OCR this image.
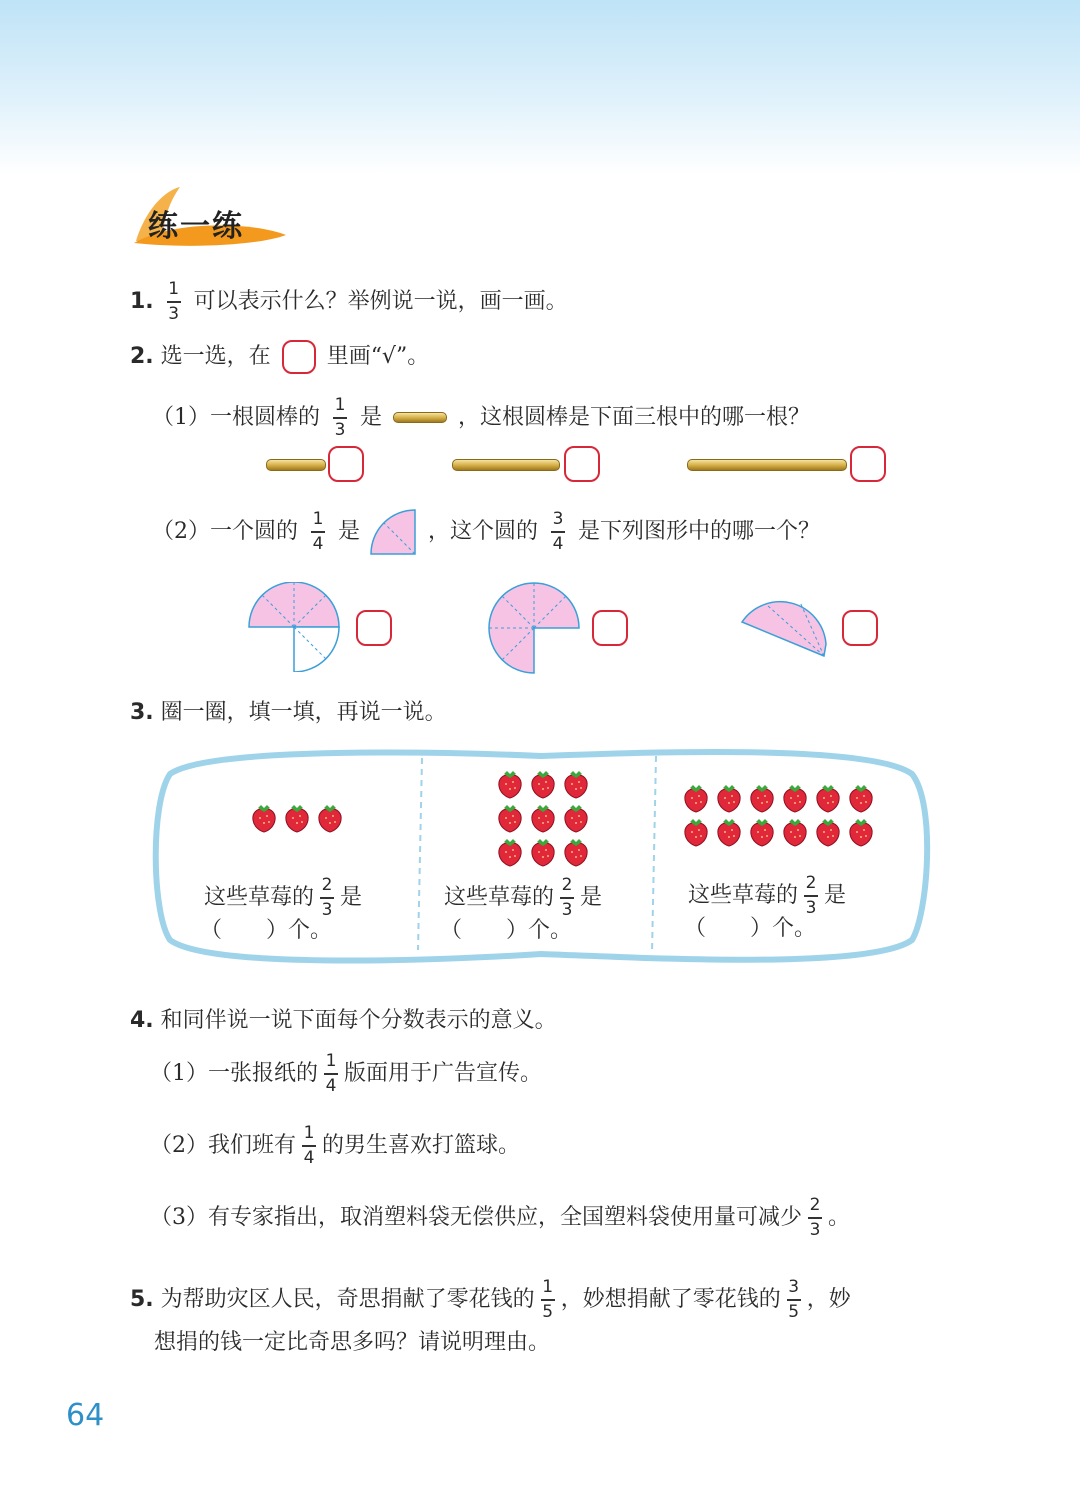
练一练
1. $\frac{1}{3}$ 可以表示什么？举例说一说，画一画。
2. 选一选，在	里画“√”。
（1）一根圆棒的 $\frac{1}{3}$ 是	，这根圆棒是下面三根中的哪一根？
（2）一个圆的 $\frac{1}{4}$ 是	，这个圆的 $\frac{3}{4}$ 是下列图形中的哪一个？
3. 圈一圈，填一填，再说一说。
这些草莓的 $\frac{2}{3}$ 是
（　　）个。
这些草莓的 $\frac{2}{3}$ 是
（　　）个。
这些草莓的 $\frac{2}{3}$ 是
（　　）个。
4. 和同伴说一说下面每个分数表示的意义。
（1）一张报纸的 $\frac{1}{4}$ 版面用于广告宣传。
（2）我们班有 $\frac{1}{4}$ 的男生喜欢打篮球。
（3）有专家指出，取消塑料袋无偿供应，全国塑料袋使用量可减少 $\frac{2}{3}$ 。
5. 为帮助灾区人民，奇思捐献了零花钱的 $\frac{1}{5}$ ，妙想捐献了零花钱的 $\frac{3}{5}$ ，妙
想捐的钱一定比奇思多吗？请说明理由。
64
